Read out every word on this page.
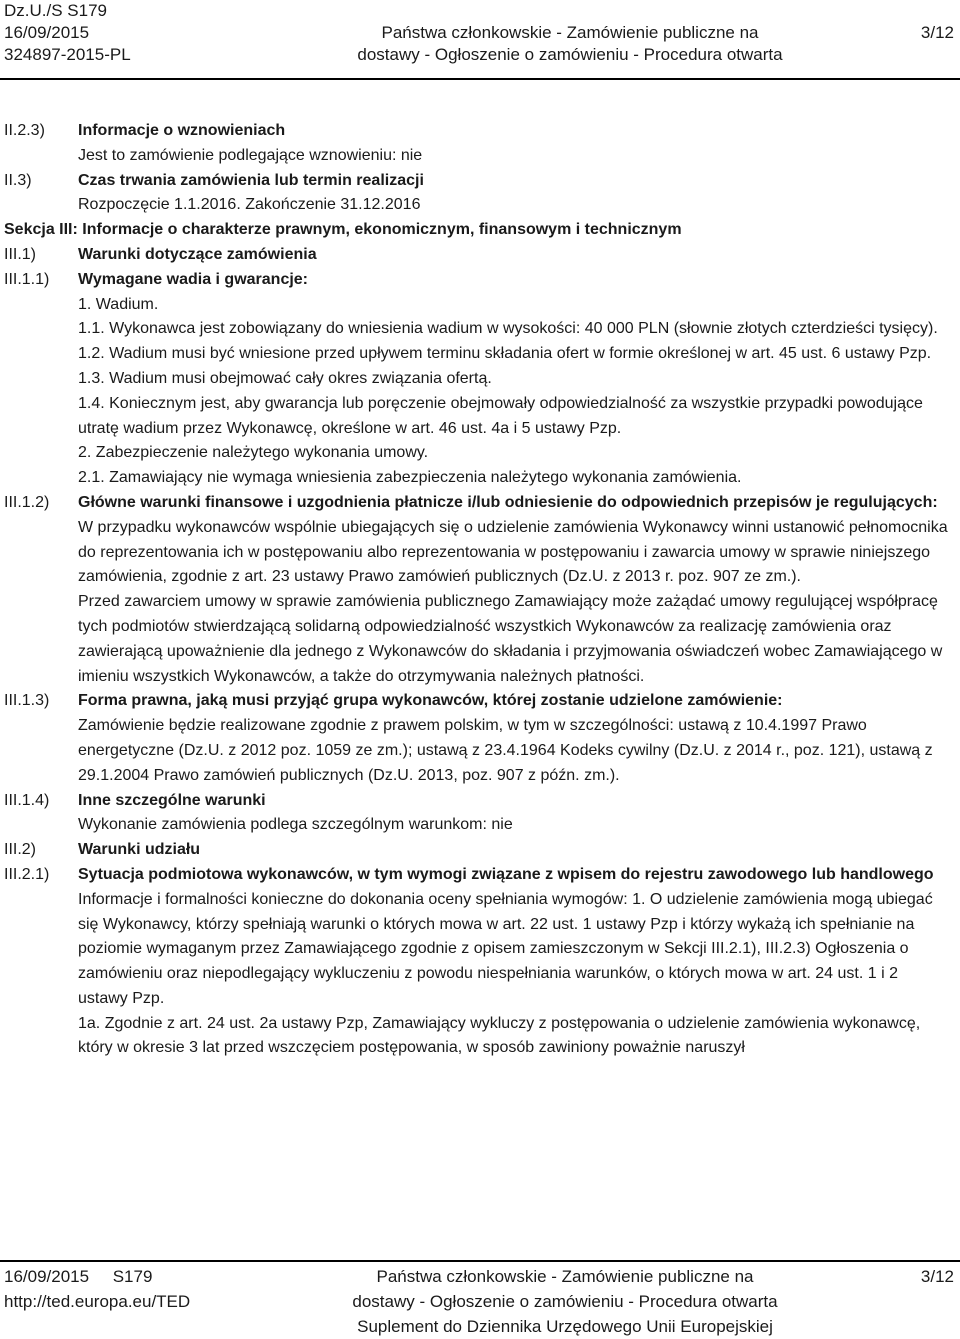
Dz.U./S S179
16/09/2015
324897-2015-PL
Państwa członkowskie - Zamówienie publiczne na
dostawy - Ogłoszenie o zamówieniu - Procedura otwarta
3/12
II.2.3) Informacje o wznowieniach
Jest to zamówienie podlegające wznowieniu: nie
II.3)	Czas trwania zamówienia lub termin realizacji
Rozpoczęcie 1.1.2016. Zakończenie 31.12.2016
Sekcja III: Informacje o charakterze prawnym, ekonomicznym, finansowym i technicznym
III.1)	Warunki dotyczące zamówienia
III.1.1) Wymagane wadia i gwarancje:
1. Wadium.
1.1. Wykonawca jest zobowiązany do wniesienia wadium w wysokości: 40 000 PLN (słownie złotych czterdzieści tysięcy).
1.2. Wadium musi być wniesione przed upływem terminu składania ofert w formie określonej w art. 45 ust. 6 ustawy Pzp.
1.3. Wadium musi obejmować cały okres związania ofertą.
1.4. Koniecznym jest, aby gwarancja lub poręczenie obejmowały odpowiedzialność za wszystkie przypadki powodujące utratę wadium przez Wykonawcę, określone w art. 46 ust. 4a i 5 ustawy Pzp.
2. Zabezpieczenie należytego wykonania umowy.
2.1. Zamawiający nie wymaga wniesienia zabezpieczenia należytego wykonania zamówienia.
III.1.2) Główne warunki finansowe i uzgodnienia płatnicze i/lub odniesienie do odpowiednich przepisów je regulujących:
W przypadku wykonawców wspólnie ubiegających się o udzielenie zamówienia Wykonawcy winni ustanowić pełnomocnika do reprezentowania ich w postępowaniu albo reprezentowania w postępowaniu i zawarcia umowy w sprawie niniejszego zamówienia, zgodnie z art. 23 ustawy Prawo zamówień publicznych (Dz.U. z 2013 r. poz. 907 ze zm.).
Przed zawarciem umowy w sprawie zamówienia publicznego Zamawiający może zażądać umowy regulującej współpracę tych podmiotów stwierdzającą solidarną odpowiedzialność wszystkich Wykonawców za realizację zamówienia oraz zawierającą upoważnienie dla jednego z Wykonawców do składania i przyjmowania oświadczeń wobec Zamawiającego w imieniu wszystkich Wykonawców, a także do otrzymywania należnych płatności.
III.1.3) Forma prawna, jaką musi przyjąć grupa wykonawców, której zostanie udzielone zamówienie:
Zamówienie będzie realizowane zgodnie z prawem polskim, w tym w szczególności: ustawą z 10.4.1997 Prawo energetyczne (Dz.U. z 2012 poz. 1059 ze zm.); ustawą z 23.4.1964 Kodeks cywilny (Dz.U. z 2014 r., poz. 121), ustawą z 29.1.2004 Prawo zamówień publicznych (Dz.U. 2013, poz. 907 z późn. zm.).
III.1.4) Inne szczególne warunki
Wykonanie zamówienia podlega szczególnym warunkom: nie
III.2)	Warunki udziału
III.2.1) Sytuacja podmiotowa wykonawców, w tym wymogi związane z wpisem do rejestru zawodowego lub handlowego
Informacje i formalności konieczne do dokonania oceny spełniania wymogów: 1. O udzielenie zamówienia mogą ubiegać się Wykonawcy, którzy spełniają warunki o których mowa w art. 22 ust. 1 ustawy Pzp i którzy wykażą ich spełnianie na poziomie wymaganym przez Zamawiającego zgodnie z opisem zamieszczonym w Sekcji III.2.1), III.2.3) Ogłoszenia o zamówieniu oraz niepodlegający wykluczeniu z powodu niespełniania warunków, o których mowa w art. 24 ust. 1 i 2 ustawy Pzp.
1a. Zgodnie z art. 24 ust. 2a ustawy Pzp, Zamawiający wykluczy z postępowania o udzielenie zamówienia wykonawcę, który w okresie 3 lat przed wszczęciem postępowania, w sposób zawiniony poważnie naruszył
16/09/2015 S179
http://ted.europa.eu/TED
Państwa członkowskie - Zamówienie publiczne na
dostawy - Ogłoszenie o zamówieniu - Procedura otwarta
Suplement do Dziennika Urzędowego Unii Europejskiej
3/12
